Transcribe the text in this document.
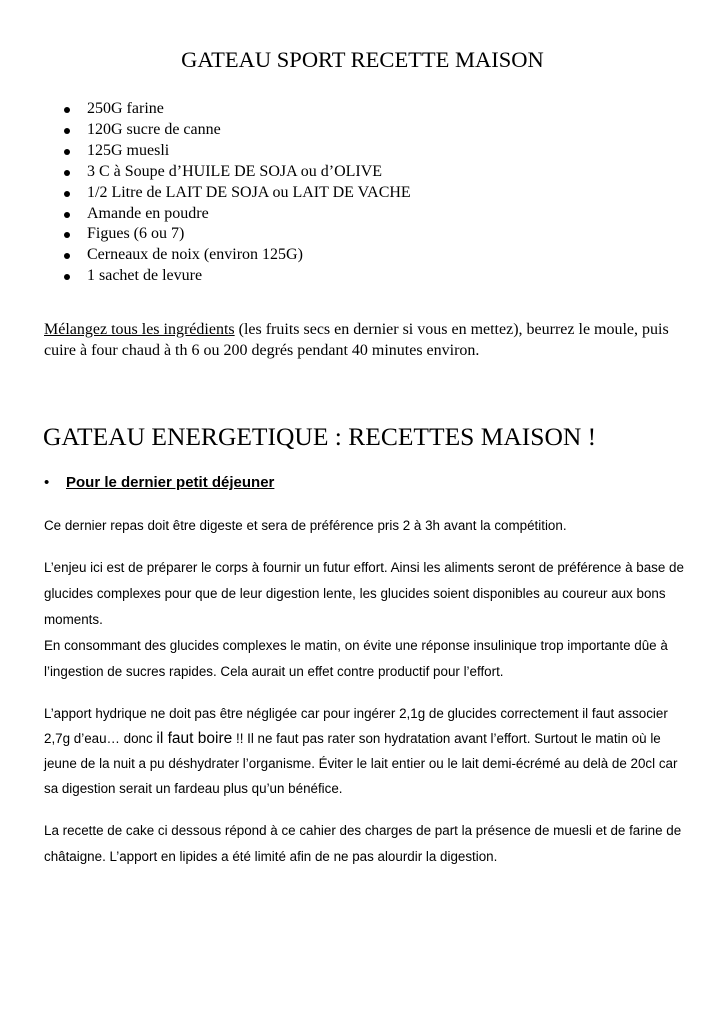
GATEAU SPORT RECETTE MAISON
250G farine
120G sucre de canne
125G muesli
3 C à Soupe d’HUILE DE SOJA ou d’OLIVE
1/2 Litre de LAIT DE SOJA ou LAIT DE VACHE
Amande en poudre
Figues (6 ou 7)
Cerneaux de noix (environ 125G)
1 sachet de levure

Mélangez tous les ingrédients (les fruits secs en dernier si vous en mettez), beurrez le moule, puis cuire à four chaud à th 6 ou 200 degrés pendant 40 minutes environ.

GATEAU ENERGETIQUE : RECETTES MAISON !
• Pour le dernier petit déjeuner

Ce dernier repas doit être digeste et sera de préférence pris 2 à 3h avant la compétition.

L’enjeu ici est de préparer le corps à fournir un futur effort. Ainsi les aliments seront de préférence à base de glucides complexes pour que de leur digestion lente, les glucides soient disponibles au coureur aux bons moments.
En consommant des glucides complexes le matin, on évite une réponse insulinique trop importante dûe à l’ingestion de sucres rapides. Cela aurait un effet contre productif pour l’effort.

L’apport hydrique ne doit pas être négligée car pour ingérer 2,1g de glucides correctement il faut associer 2,7g d’eau… donc il faut boire !! Il ne faut pas rater son hydratation avant l’effort. Surtout le matin où le jeune de la nuit a pu déshydrater l’organisme. Éviter le lait entier ou le lait demi-écrémé au delà de 20cl car sa digestion serait un fardeau plus qu’un bénéfice.

La recette de cake ci dessous répond à ce cahier des charges de part la présence de muesli et de farine de châtaigne. L’apport en lipides a été limité afin de ne pas alourdir la digestion.
